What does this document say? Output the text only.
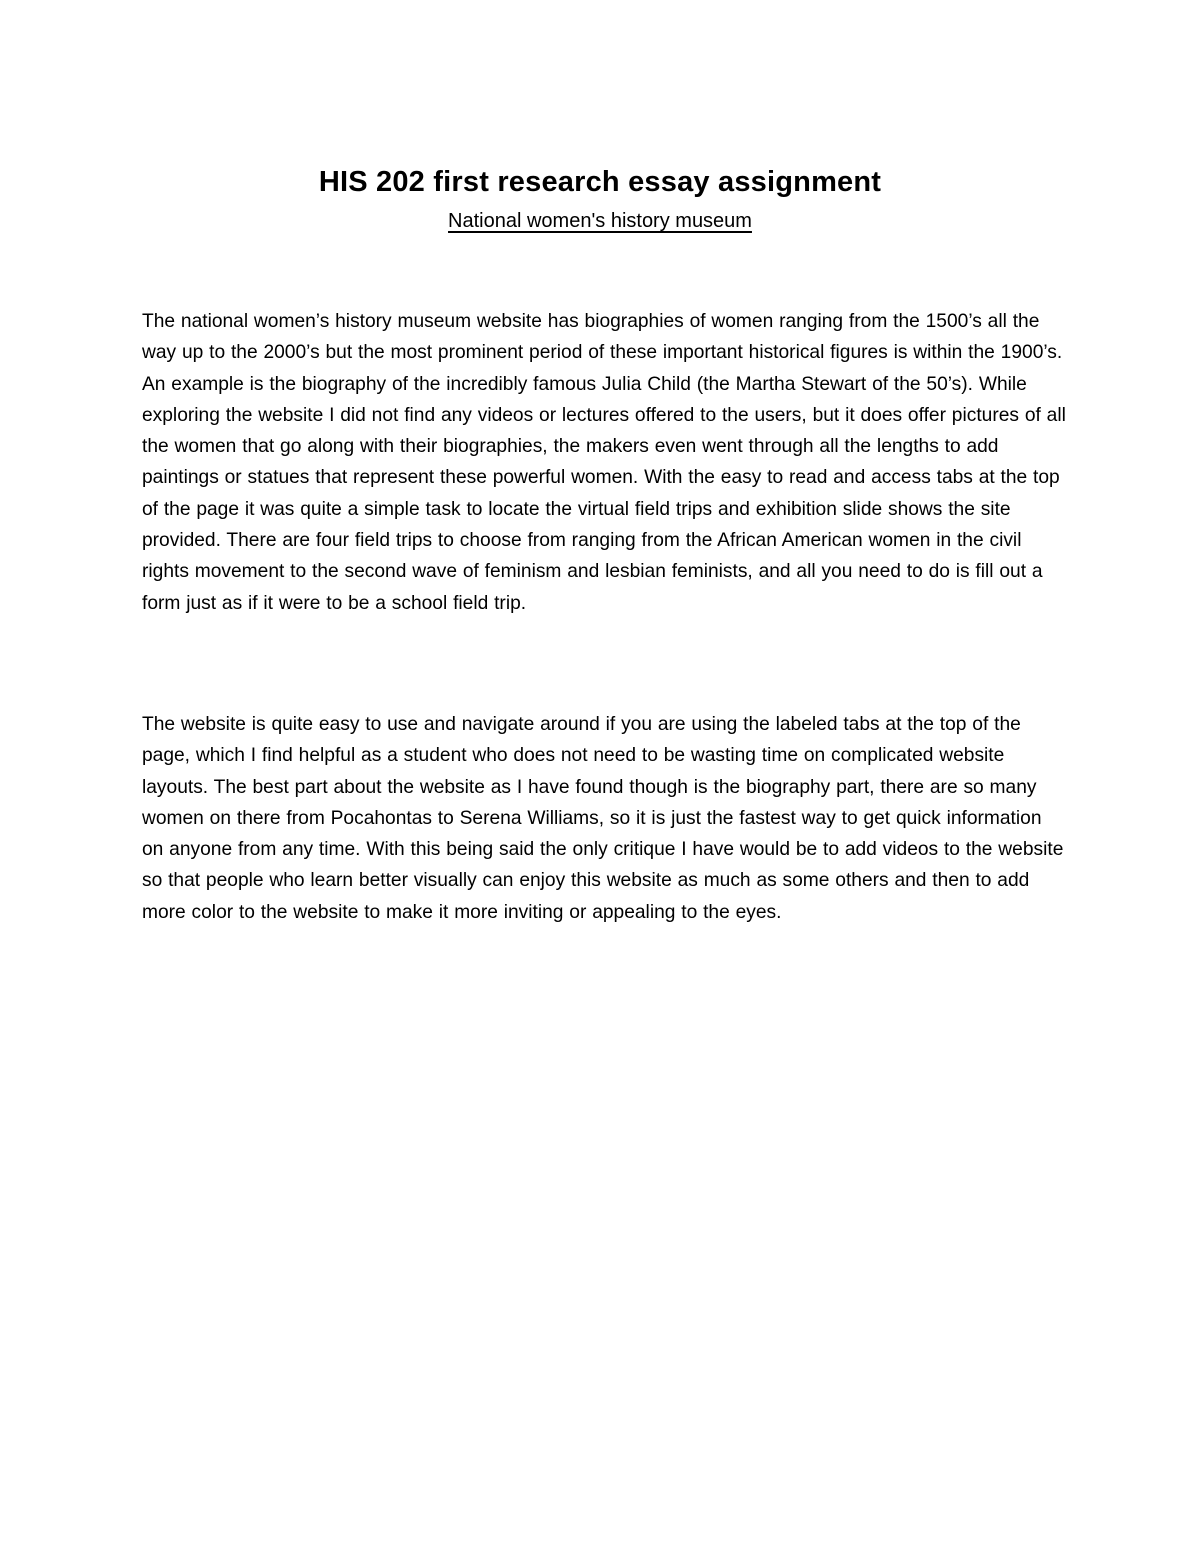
HIS 202 first research essay assignment
National women's history museum

The national women’s history museum website has biographies of women ranging from the 1500’s all the way up to the 2000’s but the most prominent period of these important historical figures is within the 1900’s. An example is the biography of the incredibly famous Julia Child (the Martha Stewart of the 50’s). While exploring the website I did not find any videos or lectures offered to the users, but it does offer pictures of all the women that go along with their biographies, the makers even went through all the lengths to add paintings or statues that represent these powerful women. With the easy to read and access tabs at the top of the page it was quite a simple task to locate the virtual field trips and exhibition slide shows the site provided. There are four field trips to choose from ranging from the African American women in the civil rights movement to the second wave of feminism and lesbian feminists, and all you need to do is fill out a form just as if it were to be a school field trip.

The website is quite easy to use and navigate around if you are using the labeled tabs at the top of the page, which I find helpful as a student who does not need to be wasting time on complicated website layouts. The best part about the website as I have found though is the biography part, there are so many women on there from Pocahontas to Serena Williams, so it is just the fastest way to get quick information on anyone from any time. With this being said the only critique I have would be to add videos to the website so that people who learn better visually can enjoy this website as much as some others and then to add more color to the website to make it more inviting or appealing to the eyes.
